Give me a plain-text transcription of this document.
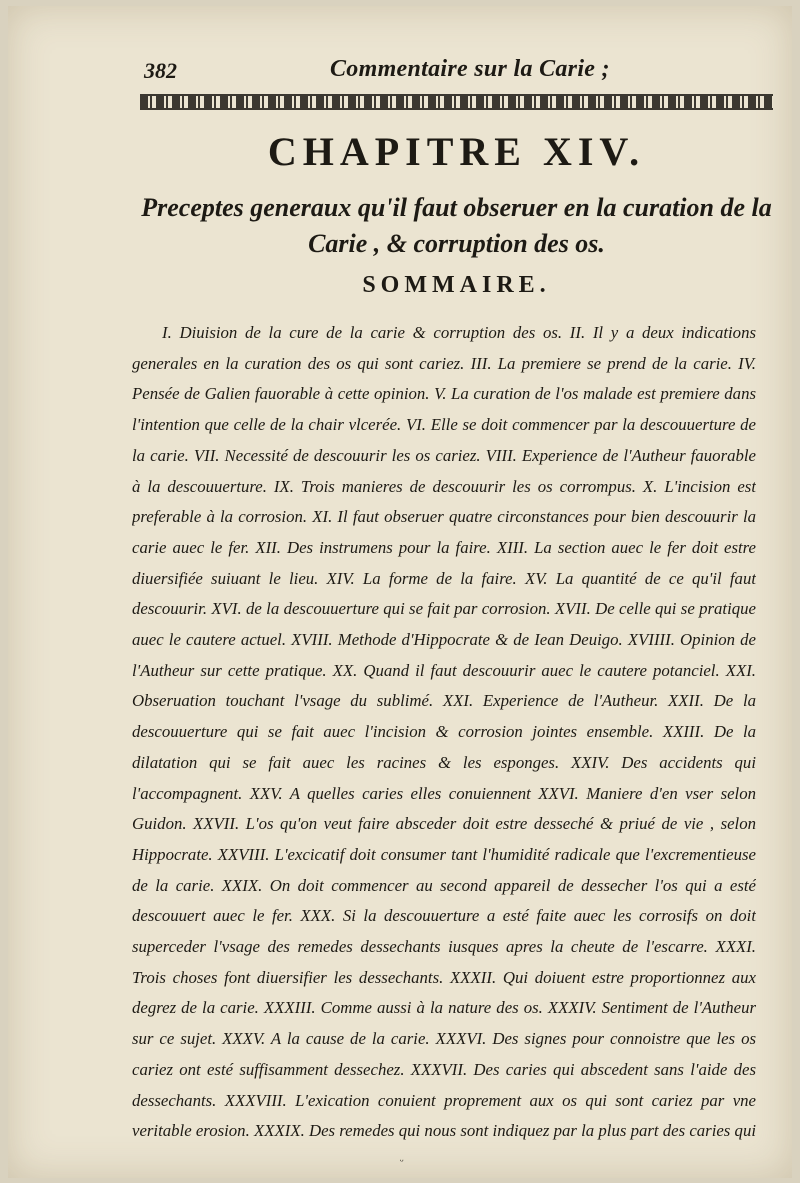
382	Commentaire sur la Carie ;
CHAPITRE XIV.
Preceptes generaux qu'il faut obseruer en la curation de la Carie , & corruption des os.
SOMMAIRE.
I. Diuision de la cure de la carie & corruption des os. II. Il y a deux indications generales en la curation des os qui sont cariez. III. La premiere se prend de la carie. IV. Pensée de Galien fauorable à cette opinion. V. La curation de l'os malade est premiere dans l'intention que celle de la chair vlcerée. VI. Elle se doit commencer par la descouuerture de la carie. VII. Necessité de descouurir les os cariez. VIII. Experience de l'Autheur fauorable à la descouuerture. IX. Trois manieres de descouurir les os corrompus. X. L'incision est preferable à la corrosion. XI. Il faut obseruer quatre circonstances pour bien descouurir la carie auec le fer. XII. Des instrumens pour la faire. XIII. La section auec le fer doit estre diuersifiée suiuant le lieu. XIV. La forme de la faire. XV. La quantité de ce qu'il faut descouurir. XVI. de la descouuerture qui se fait par corrosion. XVII. De celle qui se pratique auec le cautere actuel. XVIII. Methode d'Hippocrate & de Iean Deuigo. XVIIII. Opinion de l'Autheur sur cette pratique. XX. Quand il faut descouurir auec le cautere potanciel. XXI. Obseruation touchant l'vsage du sublimé. XXI. Experience de l'Autheur. XXII. De la descouuerture qui se fait auec l'incision & corrosion jointes ensemble. XXIII. De la dilatation qui se fait auec les racines & les esponges. XXIV. Des accidents qui l'accompagnent. XXV. A quelles caries elles conuiennent XXVI. Maniere d'en vser selon Guidon. XXVII. L'os qu'on veut faire absceder doit estre desseché & priué de vie , selon Hippocrate. XXVIII. L'excicatif doit consumer tant l'humidité radicale que l'excrementieuse de la carie. XXIX. On doit commencer au second appareil de dessecher l'os qui a esté descouuert auec le fer. XXX. Si la descouuerture a esté faite auec les corrosifs on doit superceder l'vsage des remedes dessechants iusques apres la cheute de l'escarre. XXXI. Trois choses font diuersifier les dessechants. XXXII. Qui doiuent estre proportionnez aux degrez de la carie. XXXIII. Comme aussi à la nature des os. XXXIV. Sentiment de l'Autheur sur ce sujet. XXXV. A la cause de la carie. XXXVI. Des signes pour connoistre que les os cariez ont esté suffisamment dessechez. XXXVII. Des caries qui abscedent sans l'aide des dessechants. XXXVIII. L'exication conuient proprement aux os qui sont cariez par vne veritable erosion. XXXIX. Des remedes qui nous sont indiquez par la plus part des caries qui
ᵕ
